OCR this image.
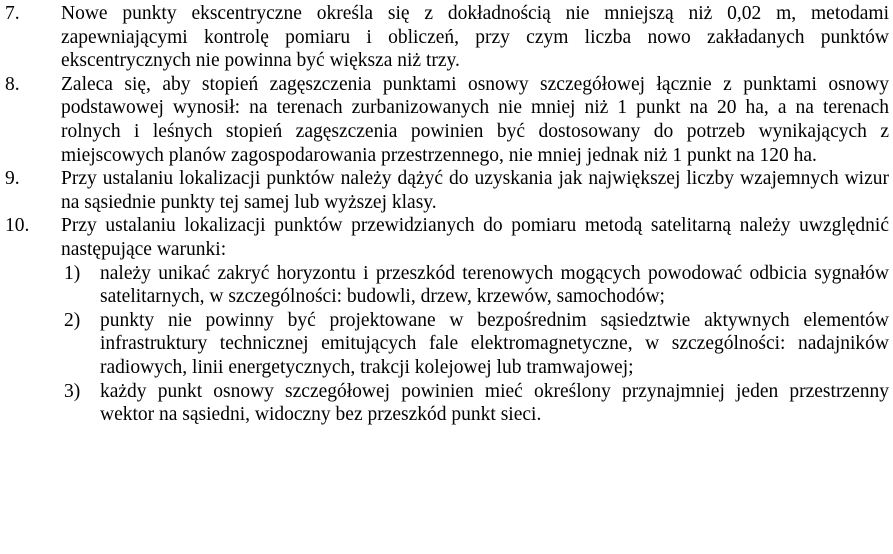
7.	Nowe punkty ekscentryczne określa się z dokładnością nie mniejszą niż 0,02 m, metodami zapewniającymi kontrolę pomiaru i obliczeń, przy czym liczba nowo zakładanych punktów ekscentrycznych nie powinna być większa niż trzy.
8.	Zaleca się, aby stopień zagęszczenia punktami osnowy szczegółowej łącznie z punktami osnowy podstawowej wynosił: na terenach zurbanizowanych nie mniej niż 1 punkt na 20 ha, a na terenach rolnych i leśnych stopień zagęszczenia powinien być dostosowany do potrzeb wynikających z miejscowych planów zagospodarowania przestrzennego, nie mniej jednak niż 1 punkt na 120 ha.
9.	Przy ustalaniu lokalizacji punktów należy dążyć do uzyskania jak największej liczby wzajemnych wizur na sąsiednie punkty tej samej lub wyższej klasy.
10.	Przy ustalaniu lokalizacji punktów przewidzianych do pomiaru metodą satelitarną należy uwzględnić następujące warunki:
1)	należy unikać zakryć horyzontu i przeszkód terenowych mogących powodować odbicia sygnałów satelitarnych, w szczególności: budowli, drzew, krzewów, samochodów;
2)	punkty nie powinny być projektowane w bezpośrednim sąsiedztwie aktywnych elementów infrastruktury technicznej emitujących fale elektromagnetyczne, w szczególności: nadajników radiowych, linii energetycznych, trakcji kolejowej lub tramwajowej;
3)	każdy punkt osnowy szczegółowej powinien mieć określony przynajmniej jeden przestrzenny wektor na sąsiedni, widoczny bez przeszkód punkt sieci.
